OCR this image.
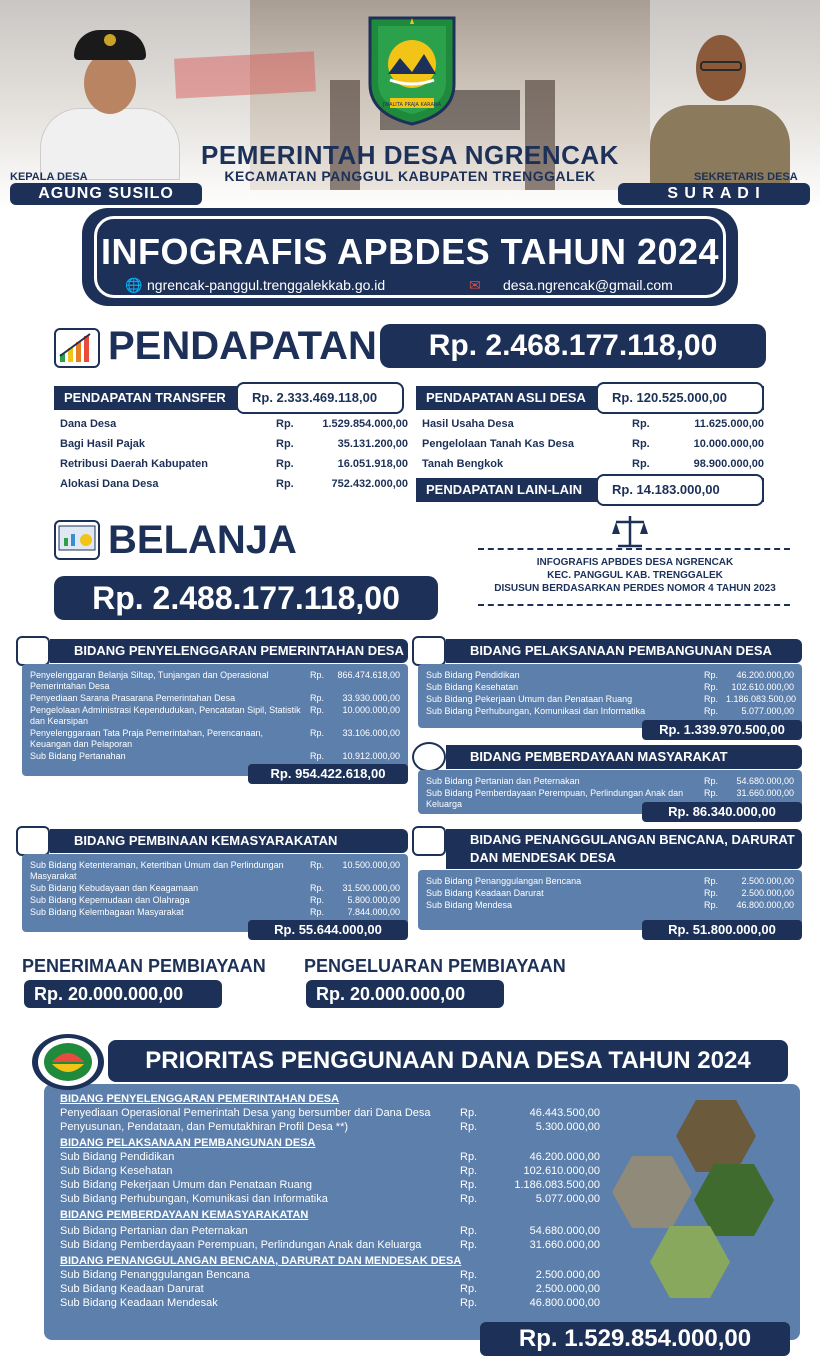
KEPALA DESA
AGUNG SUSILO
SEKRETARIS DESA
S U R A D I
JWALITA PRAJA KARANA
PEMERINTAH DESA NGRENCAK
KECAMATAN PANGGUL KABUPATEN TRENGGALEK
INFOGRAFIS APBDES TAHUN 2024
🌐 ngrencak-panggul.trenggalekkab.go.id	✉ desa.ngrencak@gmail.com
PENDAPATAN	Rp. 2.468.177.118,00
PENDAPATAN TRANSFER	Rp. 2.333.469.118,00
Dana Desa	Rp.	1.529.854.000,00
Bagi Hasil Pajak	Rp.	35.131.200,00
Retribusi Daerah Kabupaten	Rp.	16.051.918,00
Alokasi Dana Desa	Rp.	752.432.000,00
PENDAPATAN ASLI DESA	Rp. 120.525.000,00
Hasil Usaha Desa	Rp.	11.625.000,00
Pengelolaan Tanah Kas Desa	Rp.	10.000.000,00
Tanah Bengkok	Rp.	98.900.000,00
PENDAPATAN LAIN-LAIN	Rp. 14.183.000,00
BELANJA
Rp. 2.488.177.118,00
INFOGRAFIS APBDES DESA NGRENCAK
KEC. PANGGUL KAB. TRENGGALEK
DISUSUN BERDASARKAN PERDES NOMOR 4 TAHUN 2023
BIDANG PENYELENGGARAN PEMERINTAHAN DESA
Penyelenggaran Belanja Siltap, Tunjangan dan Operasional Pemerintahan Desa
Rp.	866.474.618,00
Penyediaan Sarana Prasarana Pemerintahan Desa	Rp.	33.930.000,00
Pengelolaan Administrasi Kependudukan, Pencatatan Sipil, Statistik dan Kearsipan
Rp.	10.000.000,00
Penyelenggaraan Tata Praja Pemerintahan, Perencanaan, Keuangan dan Pelaporan
Rp.	33.106.000,00
Sub Bidang Pertanahan	Rp.	10.912.000,00
Rp. 954.422.618,00
BIDANG PELAKSANAAN PEMBANGUNAN DESA
Sub Bidang Pendidikan	Rp.	46.200.000,00
Sub Bidang Kesehatan	Rp.	102.610.000,00
Sub Bidang Pekerjaan Umum dan Penataan Ruang	Rp. 1.186.083.500,00
Sub Bidang Perhubungan, Komunikasi dan Informatika	Rp.	5.077.000,00
Rp. 1.339.970.500,00
BIDANG PEMBERDAYAAN MASYARAKAT
Sub Bidang Pertanian dan Peternakan	Rp.	54.680.000,00
Sub Bidang Pemberdayaan Perempuan, Perlindungan Anak dan Keluarga
Rp.	31.660.000,00
Rp. 86.340.000,00
BIDANG PEMBINAAN KEMASYARAKATAN
Sub Bidang Ketenteraman, Ketertiban Umum dan Perlindungan Masyarakat
Rp.	10.500.000,00
Sub Bidang Kebudayaan dan Keagamaan	Rp.	31.500.000,00
Sub Bidang Kepemudaan dan Olahraga	Rp.	5.800.000,00
Sub Bidang Kelembagaan Masyarakat	Rp.	7.844.000,00
Rp. 55.644.000,00
BIDANG PENANGGULANGAN BENCANA, DARURAT DAN MENDESAK DESA
Sub Bidang Penanggulangan Bencana	Rp.	2.500.000,00
Sub Bidang Keadaan Darurat	Rp.	2.500.000,00
Sub Bidang Mendesa	Rp.	46.800.000,00
Rp. 51.800.000,00
PENERIMAAN PEMBIAYAAN
Rp. 20.000.000,00
PENGELUARAN PEMBIAYAAN
Rp. 20.000.000,00
PRIORITAS PENGGUNAAN DANA DESA TAHUN 2024
BIDANG PENYELENGGARAN PEMERINTAHAN DESA
Penyediaan Operasional Pemerintah Desa yang bersumber dari Dana Desa	Rp.	46.443.500,00
Penyusunan, Pendataan, dan Pemutakhiran Profil Desa **)	Rp.	5.300.000,00
BIDANG PELAKSANAAN PEMBANGUNAN DESA
Sub Bidang Pendidikan	Rp.	46.200.000,00
Sub Bidang Kesehatan	Rp.	102.610.000,00
Sub Bidang Pekerjaan Umum dan Penataan Ruang	Rp.	1.186.083.500,00
Sub Bidang Perhubungan, Komunikasi dan Informatika	Rp.	5.077.000,00
BIDANG PEMBERDAYAAN KEMASYARAKATAN
Sub Bidang Pertanian dan Peternakan	Rp.	54.680.000,00
Sub Bidang Pemberdayaan Perempuan, Perlindungan Anak dan Keluarga	Rp.	31.660.000,00
BIDANG PENANGGULANGAN BENCANA, DARURAT DAN MENDESAK DESA
Sub Bidang Penanggulangan Bencana	Rp.	2.500.000,00
Sub Bidang Keadaan Darurat	Rp.	2.500.000,00
Sub Bidang Keadaan Mendesak	Rp.	46.800.000,00
Rp. 1.529.854.000,00
